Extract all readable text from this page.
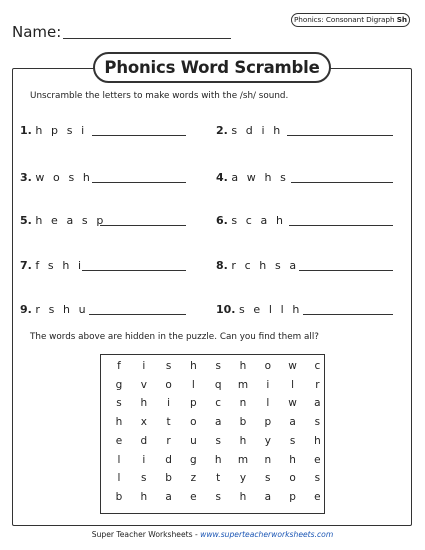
Phonics: Consonant Digraph Sh
Name:
Phonics Word Scramble
Unscramble the letters to make words with the /sh/ sound.
1. h p s i
3. w o s h
5. h e a s p
7. f s h i
9. r s h u
2. s d i h
4. a w h s
6. s c a h
8. r c h s a
10. s e l l h
The words above are hidden in the puzzle. Can you find them all?
f	i	s	h	s	h	o	w	c
g	v	o	l	q	m	i	l	r
s	h	i	p	c	n	l	w	a
h	x	t	o	a	b	p	a	s
e	d	r	u	s	h	y	s	h
l	i	d	g	h	m	n	h	e
l	s	b	z	t	y	s	o	s
b	h	a	e	s	h	a	p	e
Super Teacher Worksheets - www.superteacherworksheets.com
